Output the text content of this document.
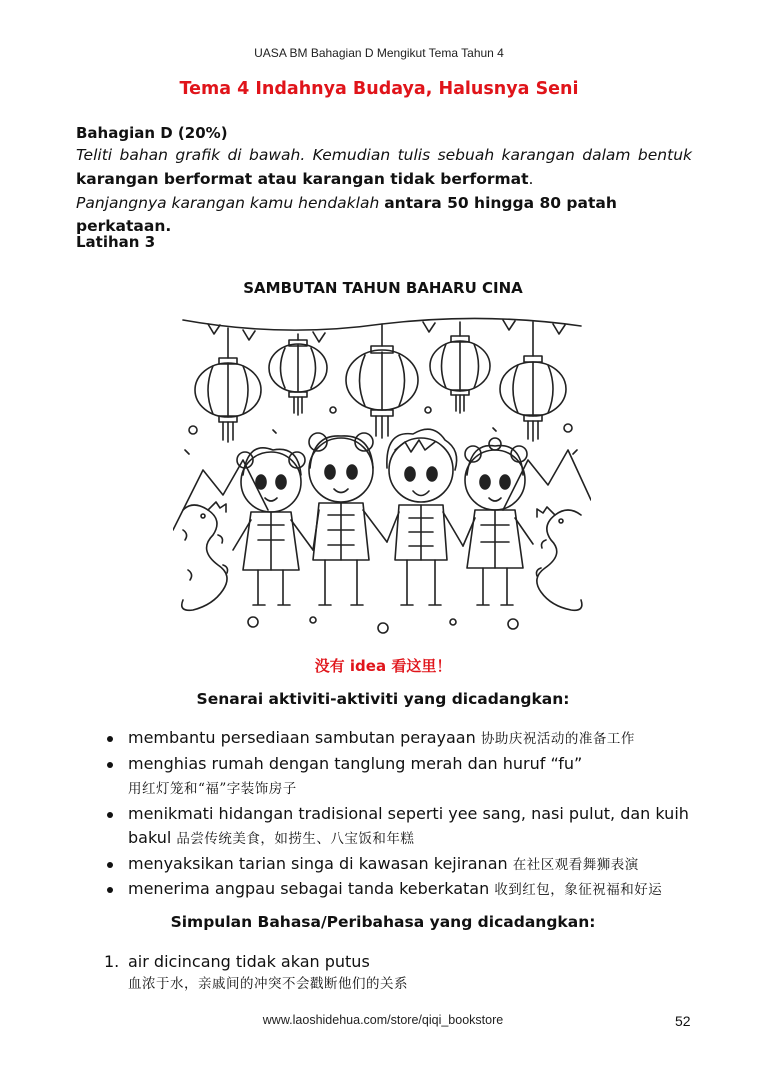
UASA BM Bahagian D Mengikut Tema Tahun 4
Tema 4 Indahnya Budaya, Halusnya Seni
Bahagian D (20%)
Teliti bahan grafik di bawah. Kemudian tulis sebuah karangan dalam bentuk
karangan berformat atau karangan tidak berformat.
Panjangnya karangan kamu hendaklah antara 50 hingga 80 patah perkataan.
Latihan 3
SAMBUTAN TAHUN BAHARU CINA
没有 idea 看这里！
Senarai aktiviti-aktiviti yang dicadangkan:
membantu persediaan sambutan perayaan 协助庆祝活动的准备工作
menghias rumah dengan tanglung merah dan huruf “fu”
用红灯笼和“福”字装饰房子
menikmati hidangan tradisional seperti yee sang, nasi pulut, dan kuih
bakul 品尝传统美食，如捞生、八宝饭和年糕
menyaksikan tarian singa di kawasan kejiranan 在社区观看舞狮表演
menerima angpau sebagai tanda keberkatan 收到红包，象征祝福和好运
Simpulan Bahasa/Peribahasa yang dicadangkan:
1. air dicincang tidak akan putus
血浓于水，亲戚间的冲突不会戳断他们的关系
www.laoshidehua.com/store/qiqi_bookstore	52
